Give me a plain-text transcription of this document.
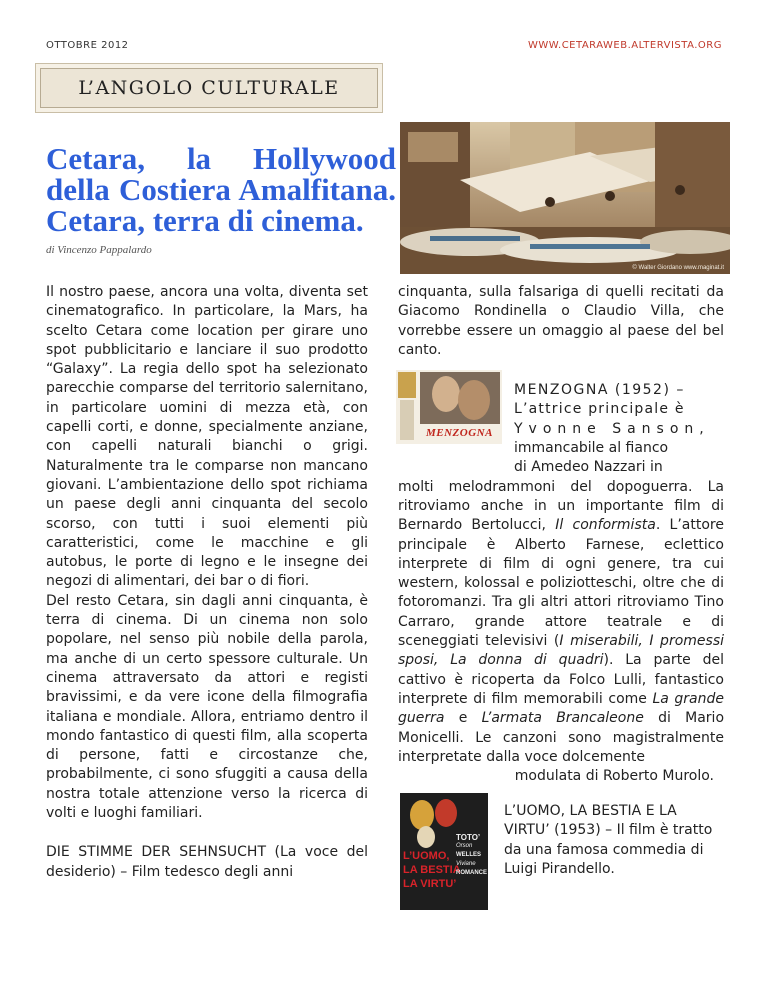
OTTOBRE 2012	WWW.CETARAWEB.ALTERVISTA.ORG
L’ANGOLO CULTURALE
Cetara, la Hollywood della Costiera Amalfitana. Cetara, terra di cinema.
di Vincenzo Pappalardo
© Walter Giordano www.maginat.it

Il nostro paese, ancora una volta, diventa set cinematografico. In particolare, la Mars, ha scelto Cetara come location per girare uno spot pubblicitario e lanciare il suo prodotto “Galaxy”. La regia dello spot ha selezionato parecchie comparse del territorio salernitano, in particolare uomini di mezza età, con capelli corti, e donne, specialmente anziane, con capelli naturali bianchi o grigi. Naturalmente tra le comparse non mancano giovani. L’ambientazione dello spot richiama un paese degli anni cinquanta del secolo scorso, con tutti i suoi elementi più caratteristici, come le macchine e gli autobus, le porte di legno e le insegne dei negozi di alimentari, dei bar o di fiori.

Del resto Cetara, sin dagli anni cinquanta, è terra di cinema. Di un cinema non solo popolare, nel senso più nobile della parola, ma anche di un certo spessore culturale. Un cinema attraversato da attori e registi bravissimi, e da vere icone della filmografia italiana e mondiale. Allora, entriamo dentro il mondo fantastico di questi film, alla scoperta di persone, fatti e circostanze che, probabilmente, ci sono sfuggiti a causa della nostra totale attenzione verso la ricerca di volti e luoghi familiari.

DIE STIMME DER SEHNSUCHT (La voce del desiderio) – Film tedesco degli anni

MENZOGNA

cinquanta, sulla falsariga di quelli recitati da Giacomo Rondinella o Claudio Villa, che vorrebbe essere un omaggio al paese del bel canto.

MENZOGNA (1952) –

L’attrice principale è

Yvonne Sanson,

immancabile al fianco

di Amedeo Nazzari in

molti melodrammoni del dopoguerra. La ritroviamo anche in un importante film di Bernardo Bertolucci, Il conformista. L’attore principale è Alberto Farnese, eclettico interprete di film di ogni genere, tra cui western, kolossal e poliziotteschi, oltre che di fotoromanzi. Tra gli altri attori ritroviamo Tino Carraro, grande attore teatrale e di sceneggiati televisivi (I miserabili, I promessi sposi, La donna di quadri). La parte del cattivo è ricoperta da Folco Lulli, fantastico interprete di film memorabili come La grande guerra e L’armata Brancaleone di Mario Monicelli. Le canzoni sono magistralmente interpretate dalla voce dolcemente

modulata di Roberto Murolo.

L’UOMO,
LA BESTIA
LA VIRTU’
TOTO’
Orson
WELLES
Viviane
ROMANCE
L’UOMO, LA BESTIA E LA VIRTU’ (1953) – Il film è tratto da una famosa commedia di Luigi Pirandello.
